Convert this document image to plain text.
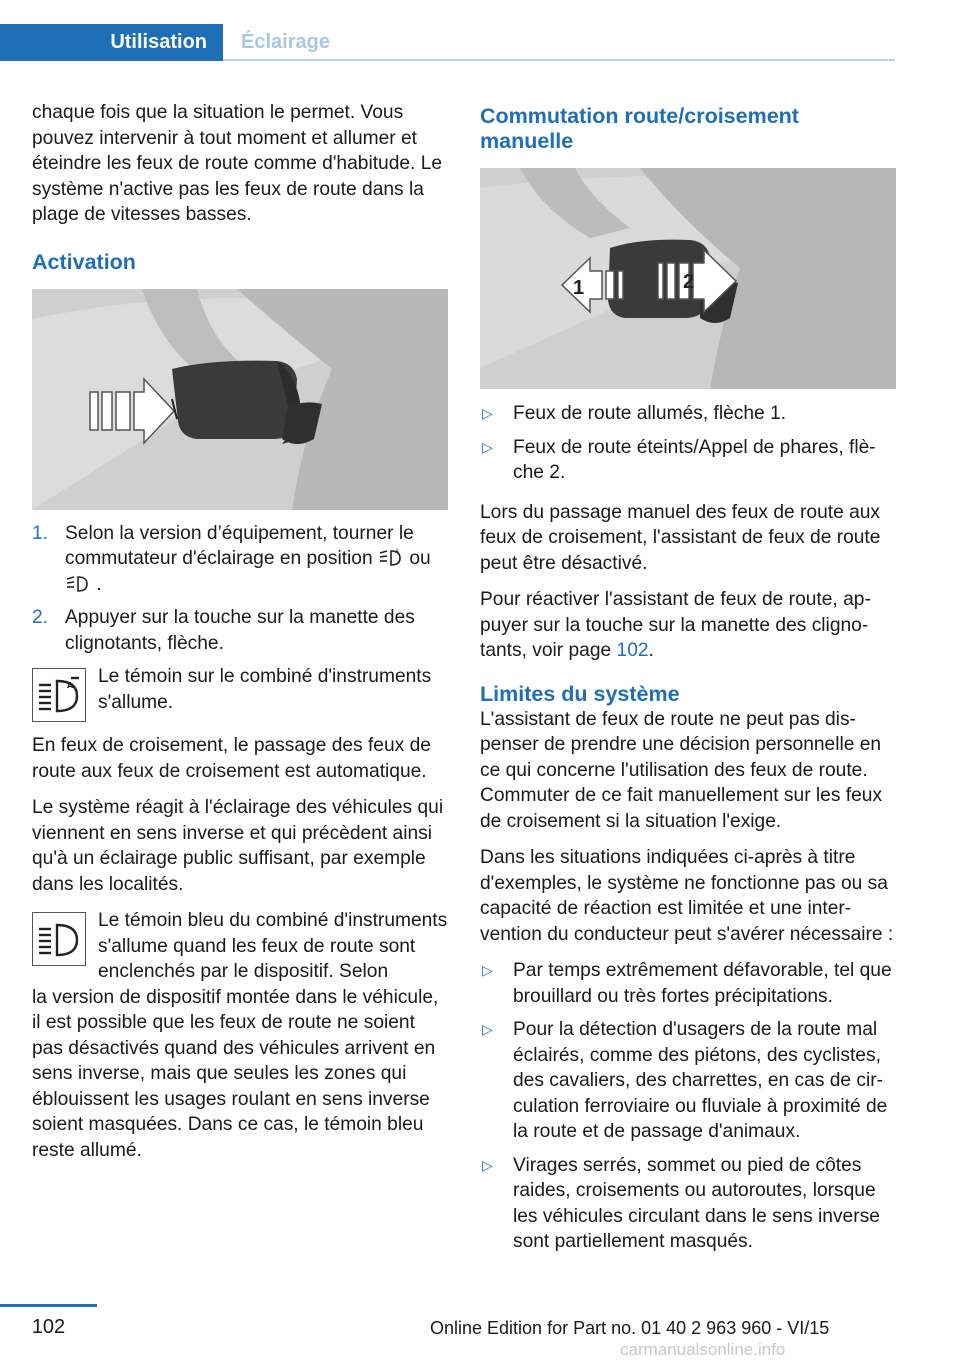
Utilisation	Éclairage

chaque fois que la situation le permet. Vous pouvez intervenir à tout moment et allumer et éteindre les feux de route comme d'habitude. Le système n'active pas les feux de route dans la plage de vitesses basses.

Activation
1. Selon la version d’équipement, tourner le commutateur d'éclairage en position	A ou  .
2. Appuyer sur la touche sur la manette des clignotants, flèche.
A Le témoin sur le combiné d'instruments s'allume.

En feux de croisement, le passage des feux de route aux feux de croisement est automatique.

Le système réagit à l'éclairage des véhicules qui viennent en sens inverse et qui précèdent ainsi qu'à un éclairage public suffisant, par exemple dans les localités.

Le témoin bleu du combiné d'instruments s'allume quand les feux de route sont enclenchés par le dispositif. Selon

la version de dispositif montée dans le véhicule, il est possible que les feux de route ne soient pas désactivés quand des véhicules arrivent en sens inverse, mais que seules les zones qui éblouissent les usages roulant en sens inverse soient masquées. Dans ce cas, le témoin bleu reste allumé.

Commutation route/croisement manuelle
1	2
▷ Feux de route allumés, flèche 1.
▷ Feux de route éteints/Appel de phares, flèche 2.

Lors du passage manuel des feux de route aux feux de croisement, l'assistant de feux de route peut être désactivé.

Pour réactiver l'assistant de feux de route, appuyer sur la touche sur la manette des clignotants, voir page 102.

Limites du système

L'assistant de feux de route ne peut pas dispenser de prendre une décision personnelle en ce qui concerne l'utilisation des feux de route. Commuter de ce fait manuellement sur les feux de croisement si la situation l'exige.

Dans les situations indiquées ci-après à titre d'exemples, le système ne fonctionne pas ou sa capacité de réaction est limitée et une intervention du conducteur peut s'avérer nécessaire :

▷ Par temps extrêmement défavorable, tel que brouillard ou très fortes précipitations.
▷ Pour la détection d'usagers de la route mal éclairés, comme des piétons, des cyclistes, des cavaliers, des charrettes, en cas de circulation ferroviaire ou fluviale à proximité de la route et de passage d'animaux.
▷ Virages serrés, sommet ou pied de côtes raides, croisements ou autoroutes, lorsque les véhicules circulant dans le sens inverse sont partiellement masqués.
102	Online Edition for Part no. 01 40 2 963 960 - VI/15
carmanualsonline.info
